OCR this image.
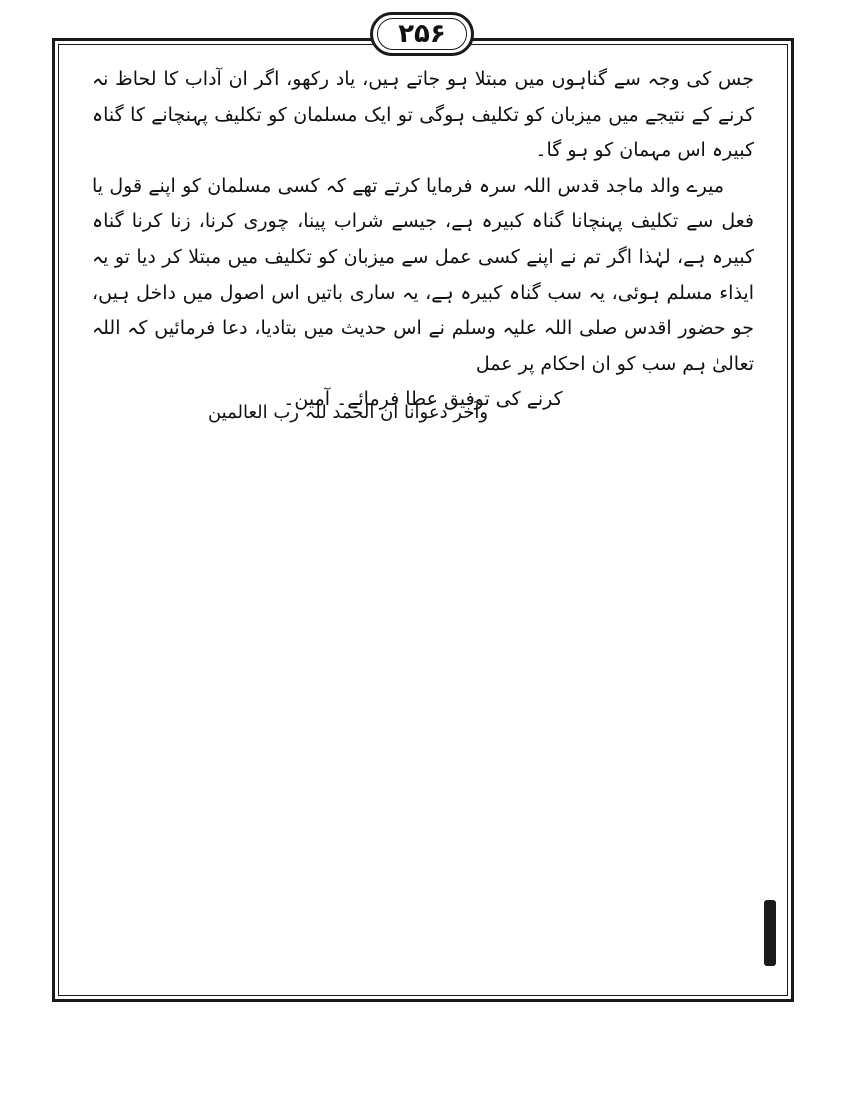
۲۵۶

جس کی وجہ سے گناہوں میں مبتلا ہو جاتے ہیں، یاد رکھو، اگر ان آداب کا لحاظ نہ کرنے کے نتیجے میں میزبان کو تکلیف ہوگی تو ایک مسلمان کو تکلیف پہنچانے کا گناہ کبیرہ اس مہمان کو ہو گا۔

میرے والد ماجد قدس اللہ سرہ فرمایا کرتے تھے کہ کسی مسلمان کو اپنے قول یا فعل سے تکلیف پہنچانا گناہ کبیرہ ہے، جیسے شراب پینا، چوری کرنا، زنا کرنا گناہ کبیرہ ہے، لہٰذا اگر تم نے اپنے کسی عمل سے میزبان کو تکلیف میں مبتلا کر دیا تو یہ ایذاء مسلم ہوئی، یہ سب گناہ کبیرہ ہے، یہ ساری باتیں اس اصول میں داخل ہیں، جو حضور اقدس صلی اللہ علیہ وسلم نے اس حدیث میں بتادیا، دعا فرمائیں کہ اللہ تعالیٰ ہم سب کو ان احکام پر عمل

کرنے کی توفیق عطا فرمائے۔ آمین۔

وآخر دعوانا ان الحمد للہ رب العالمین
